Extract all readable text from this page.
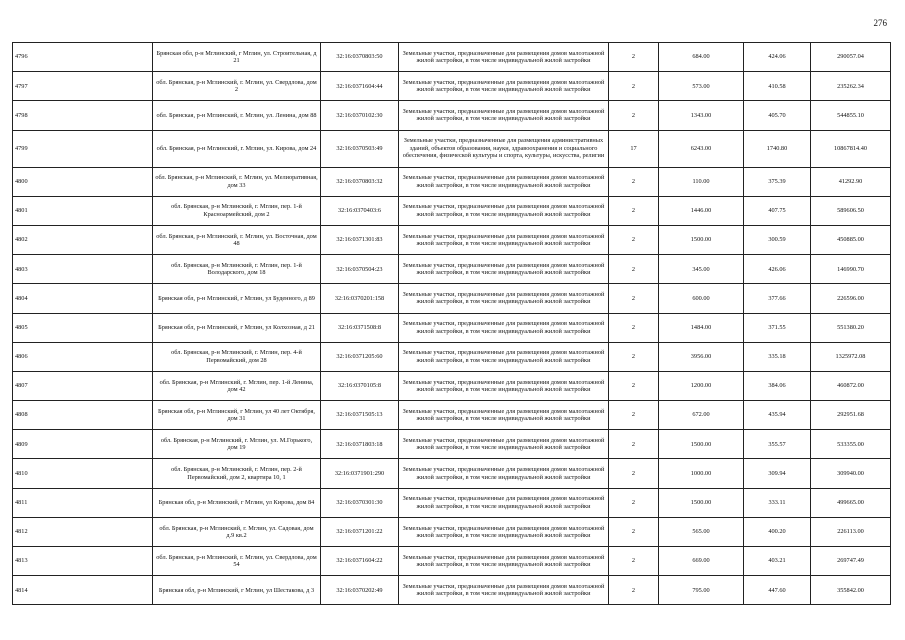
276
4796	Брянская обл, р-н Мглинский, г Мглин, ул. Строительная, д 21	32:16:0370803:50	Земельные участки, предназначенные для размещения домов малоэтажной жилой застройки, в том числе индивидуальной жилой застройки	2	684.00	424.06	290057.04
4797	обл. Брянская, р-н Мглинский, г. Мглин, ул. Свердлова, дом 2	32:16:0371604:44	Земельные участки, предназначенные для размещения домов малоэтажной жилой застройки, в том числе индивидуальной жилой застройки	2	573.00	410.58	235262.34
4798	обл. Брянская, р-н Мглинский, г. Мглин, ул. Ленина, дом 88	32:16:0370102:30	Земельные участки, предназначенные для размещения домов малоэтажной жилой застройки, в том числе индивидуальной жилой застройки	2	1343.00	405.70	544855.10
4799	обл. Брянская, р-н Мглинский, г. Мглин, ул. Кирова, дом 24	32:16:0370503:49	Земельные участки, предназначенные для размещения административных зданий, объектов образования, науки, здравоохранения и социального обеспечения, физической культуры и спорта, культуры, искусства, религии	17	6243.00	1740.80	10867814.40
4800	обл. Брянская, р-н Мглинский, г. Мглин, ул. Мелиоративная, дом 33	32:16:0370803:32	Земельные участки, предназначенные для размещения домов малоэтажной жилой застройки, в том числе индивидуальной жилой застройки	2	110.00	375.39	41292.90
4801	обл. Брянская, р-н Мглинский, г. Мглин, пер. 1-й Красноармейский, дом 2	32:16:0370403:6	Земельные участки, предназначенные для размещения домов малоэтажной жилой застройки, в том числе индивидуальной жилой застройки	2	1446.00	407.75	589606.50
4802	обл. Брянская, р-н Мглинский, г. Мглин, ул. Восточная, дом 48	32:16:0371301:83	Земельные участки, предназначенные для размещения домов малоэтажной жилой застройки, в том числе индивидуальной жилой застройки	2	1500.00	300.59	450885.00
4803	обл. Брянская, р-н Мглинский, г. Мглин, пер. 1-й Володарского, дом 18	32:16:0370504:23	Земельные участки, предназначенные для размещения домов малоэтажной жилой застройки, в том числе индивидуальной жилой застройки	2	345.00	426.06	146990.70
4804	Брянская обл, р-н Мглинский, г Мглин, ул Буденного, д 89	32:16:0370201:158	Земельные участки, предназначенные для размещения домов малоэтажной жилой застройки, в том числе индивидуальной жилой застройки	2	600.00	377.66	226596.00
4805	Брянская обл, р-н Мглинский, г Мглин, ул Колхозная, д 21	32:16:0371508:8	Земельные участки, предназначенные для размещения домов малоэтажной жилой застройки, в том числе индивидуальной жилой застройки	2	1484.00	371.55	551380.20
4806	обл. Брянская, р-н Мглинский, г. Мглин, пер. 4-й Первомайский, дом 28	32:16:0371205:60	Земельные участки, предназначенные для размещения домов малоэтажной жилой застройки, в том числе индивидуальной жилой застройки	2	3956.00	335.18	1325972.08
4807	обл. Брянская, р-н Мглинский, г. Мглин, пер. 1-й Ленина, дом 42	32:16:0370105:8	Земельные участки, предназначенные для размещения домов малоэтажной жилой застройки, в том числе индивидуальной жилой застройки	2	1200.00	384.06	460872.00
4808	Брянская обл, р-н Мглинский, г Мглин, ул 40 лет Октября, дом 31	32:16:0371505:13	Земельные участки, предназначенные для размещения домов малоэтажной жилой застройки, в том числе индивидуальной жилой застройки	2	672.00	435.94	292951.68
4809	обл. Брянская, р-н Мглинский, г. Мглин, ул. М.Горького, дом 19	32:16:0371803:18	Земельные участки, предназначенные для размещения домов малоэтажной жилой застройки, в том числе индивидуальной жилой застройки	2	1500.00	355.57	533355.00
4810	обл. Брянская, р-н Мглинский, г. Мглин, пер. 2-й Первомайский, дом 2, квартира 10, 1	32:16:0371901:290	Земельные участки, предназначенные для размещения домов малоэтажной жилой застройки, в том числе индивидуальной жилой застройки	2	1000.00	309.94	309940.00
4811	Брянская обл, р-н Мглинский, г Мглин, ул Кирова, дом 84	32:16:0370301:30	Земельные участки, предназначенные для размещения домов малоэтажной жилой застройки, в том числе индивидуальной жилой застройки	2	1500.00	333.11	499665.00
4812	обл. Брянская, р-н Мглинский, г. Мглин, ул. Садовая, дом д.9 кв.2	32:16:0371201:22	Земельные участки, предназначенные для размещения домов малоэтажной жилой застройки, в том числе индивидуальной жилой застройки	2	565.00	400.20	226113.00
4813	обл. Брянская, р-н Мглинский, г. Мглин, ул. Свердлова, дом 54	32:16:0371604:22	Земельные участки, предназначенные для размещения домов малоэтажной жилой застройки, в том числе индивидуальной жилой застройки	2	669.00	403.21	269747.49
4814	Брянская обл, р-н Мглинский, г Мглин, ул Шестакова, д 3	32:16:0370202:49	Земельные участки, предназначенные для размещения домов малоэтажной жилой застройки, в том числе индивидуальной жилой застройки	2	795.00	447.60	355842.00
